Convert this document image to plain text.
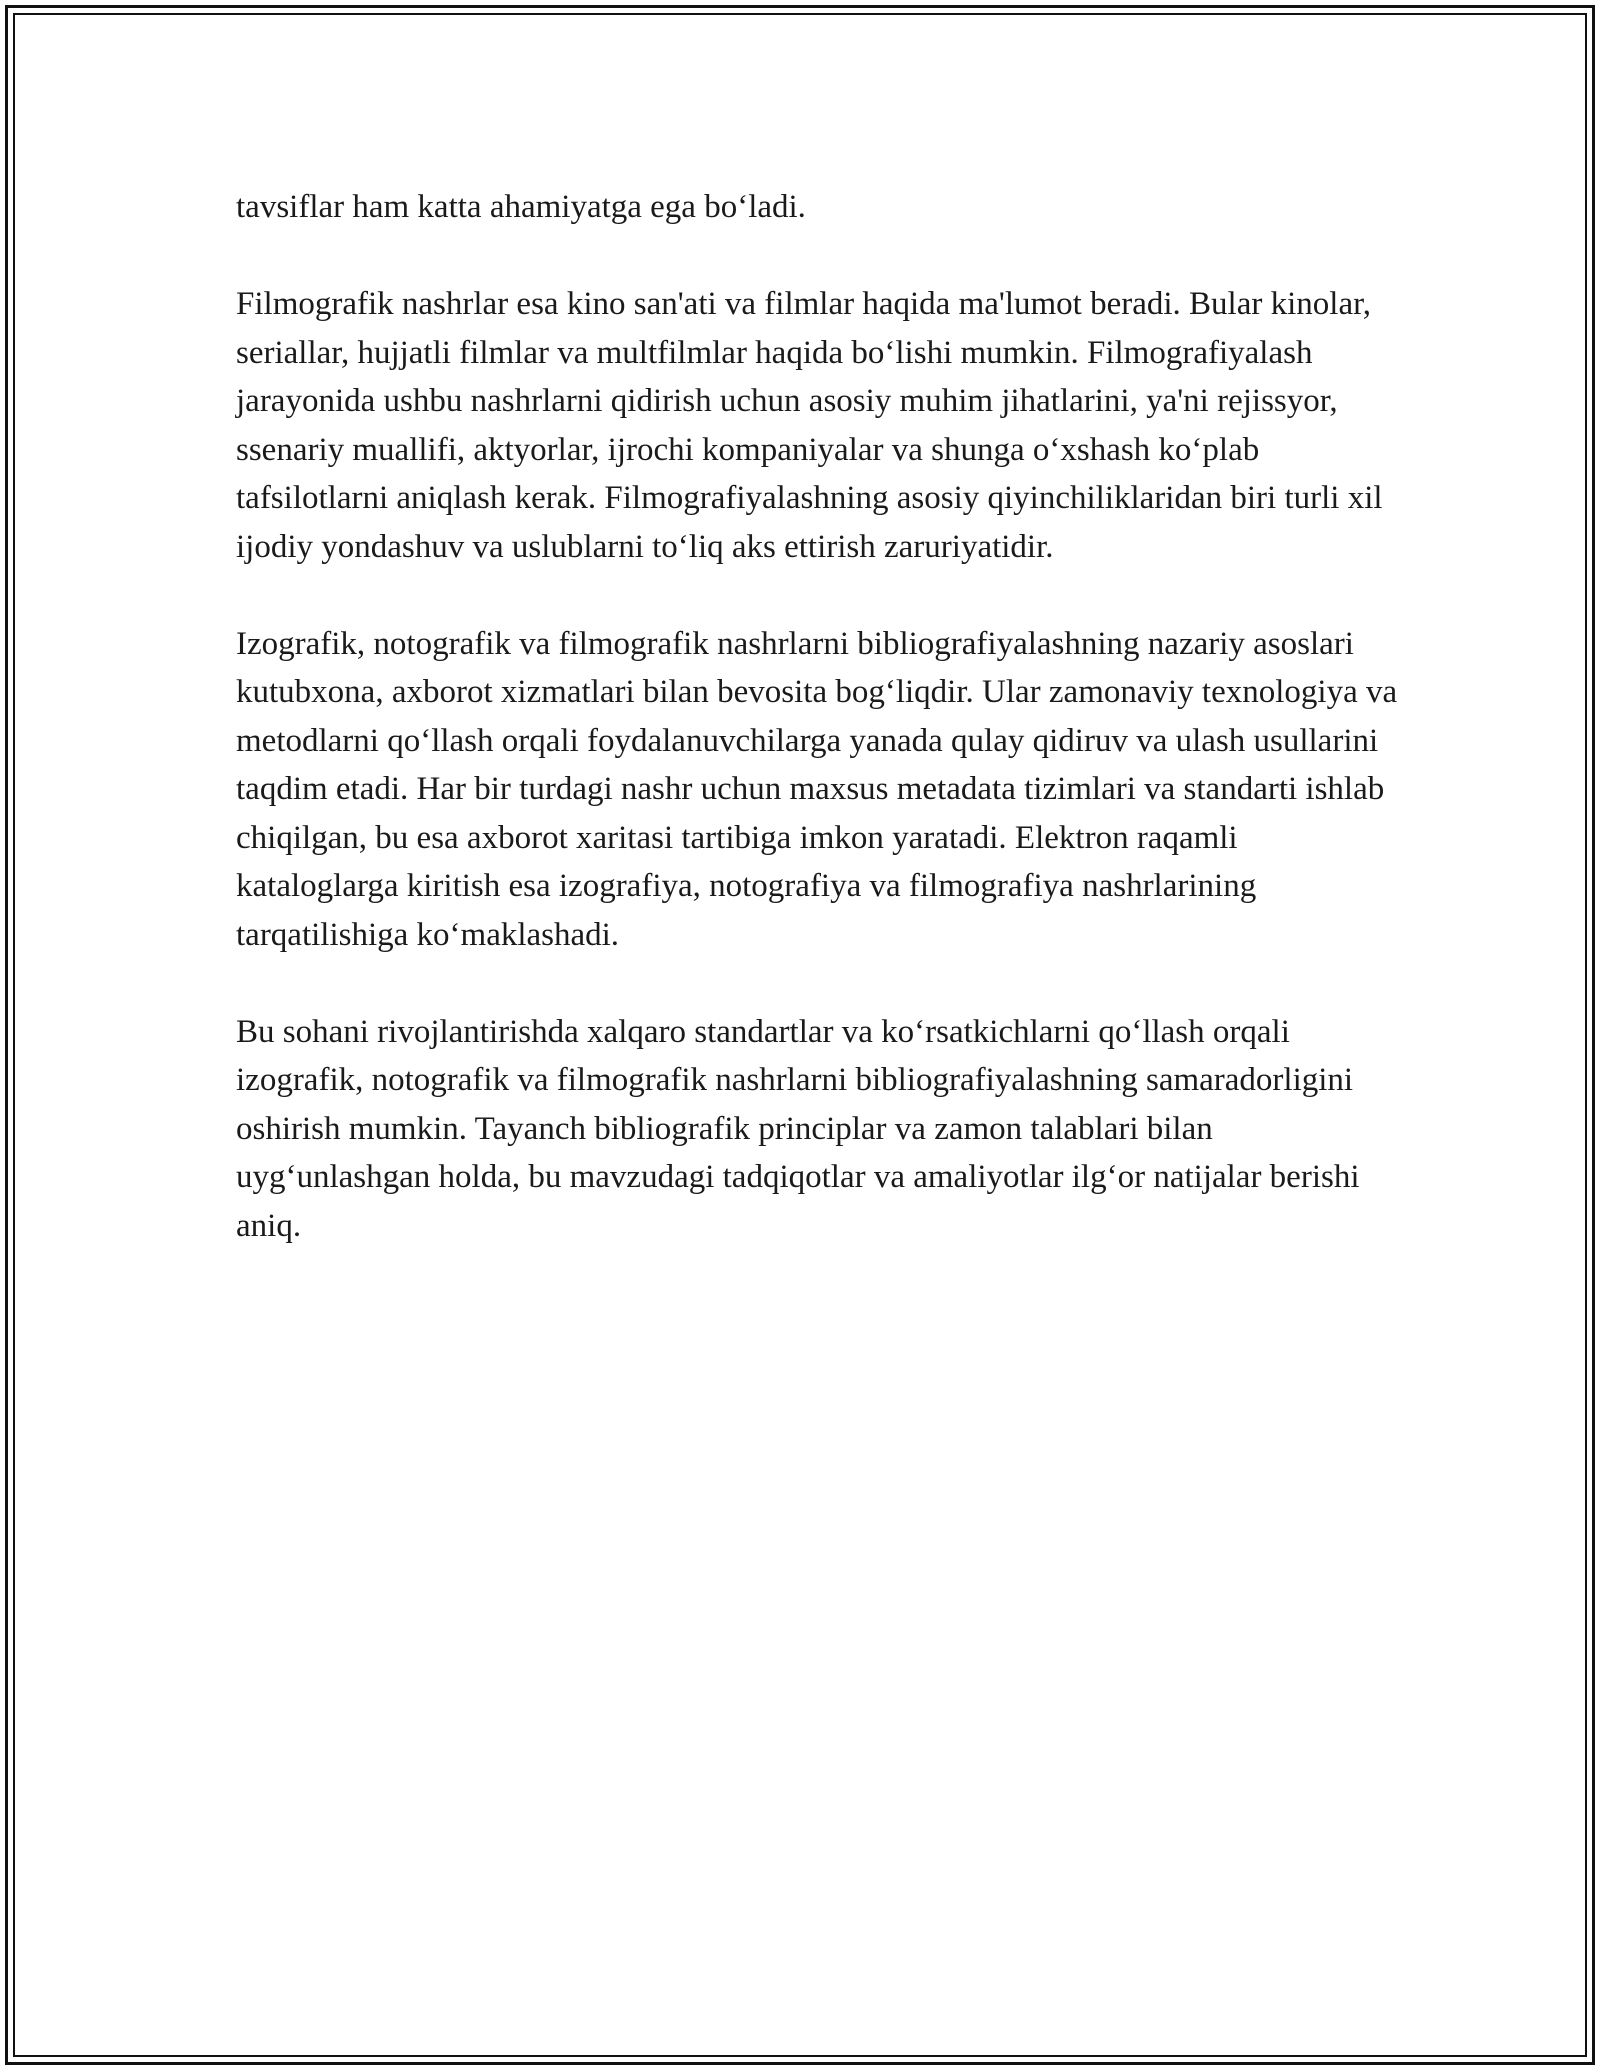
tavsiflar ham katta ahamiyatga ega bo‘ladi.

Filmografik nashrlar esa kino san'ati va filmlar haqida ma'lumot beradi. Bular kinolar, seriallar, hujjatli filmlar va multfilmlar haqida bo‘lishi mumkin. Filmografiyalash jarayonida ushbu nashrlarni qidirish uchun asosiy muhim jihatlarini, ya'ni rejissyor, ssenariy muallifi, aktyorlar, ijrochi kompaniyalar va shunga o‘xshash ko‘plab tafsilotlarni aniqlash kerak. Filmografiyalashning asosiy qiyinchiliklaridan biri turli xil ijodiy yondashuv va uslublarni to‘liq aks ettirish zaruriyatidir.

Izografik, notografik va filmografik nashrlarni bibliografiyalashning nazariy asoslari kutubxona, axborot xizmatlari bilan bevosita bog‘liqdir. Ular zamonaviy texnologiya va metodlarni qo‘llash orqali foydalanuvchilarga yanada qulay qidiruv va ulash usullarini taqdim etadi. Har bir turdagi nashr uchun maxsus metadata tizimlari va standarti ishlab chiqilgan, bu esa axborot xaritasi tartibiga imkon yaratadi. Elektron raqamli kataloglarga kiritish esa izografiya, notografiya va filmografiya nashrlarining tarqatilishiga ko‘maklashadi.

Bu sohani rivojlantirishda xalqaro standartlar va ko‘rsatkichlarni qo‘llash orqali izografik, notografik va filmografik nashrlarni bibliografiyalashning samaradorligini oshirish mumkin. Tayanch bibliografik principlar va zamon talablari bilan uyg‘unlashgan holda, bu mavzudagi tadqiqotlar va amaliyotlar ilg‘or natijalar berishi aniq.
